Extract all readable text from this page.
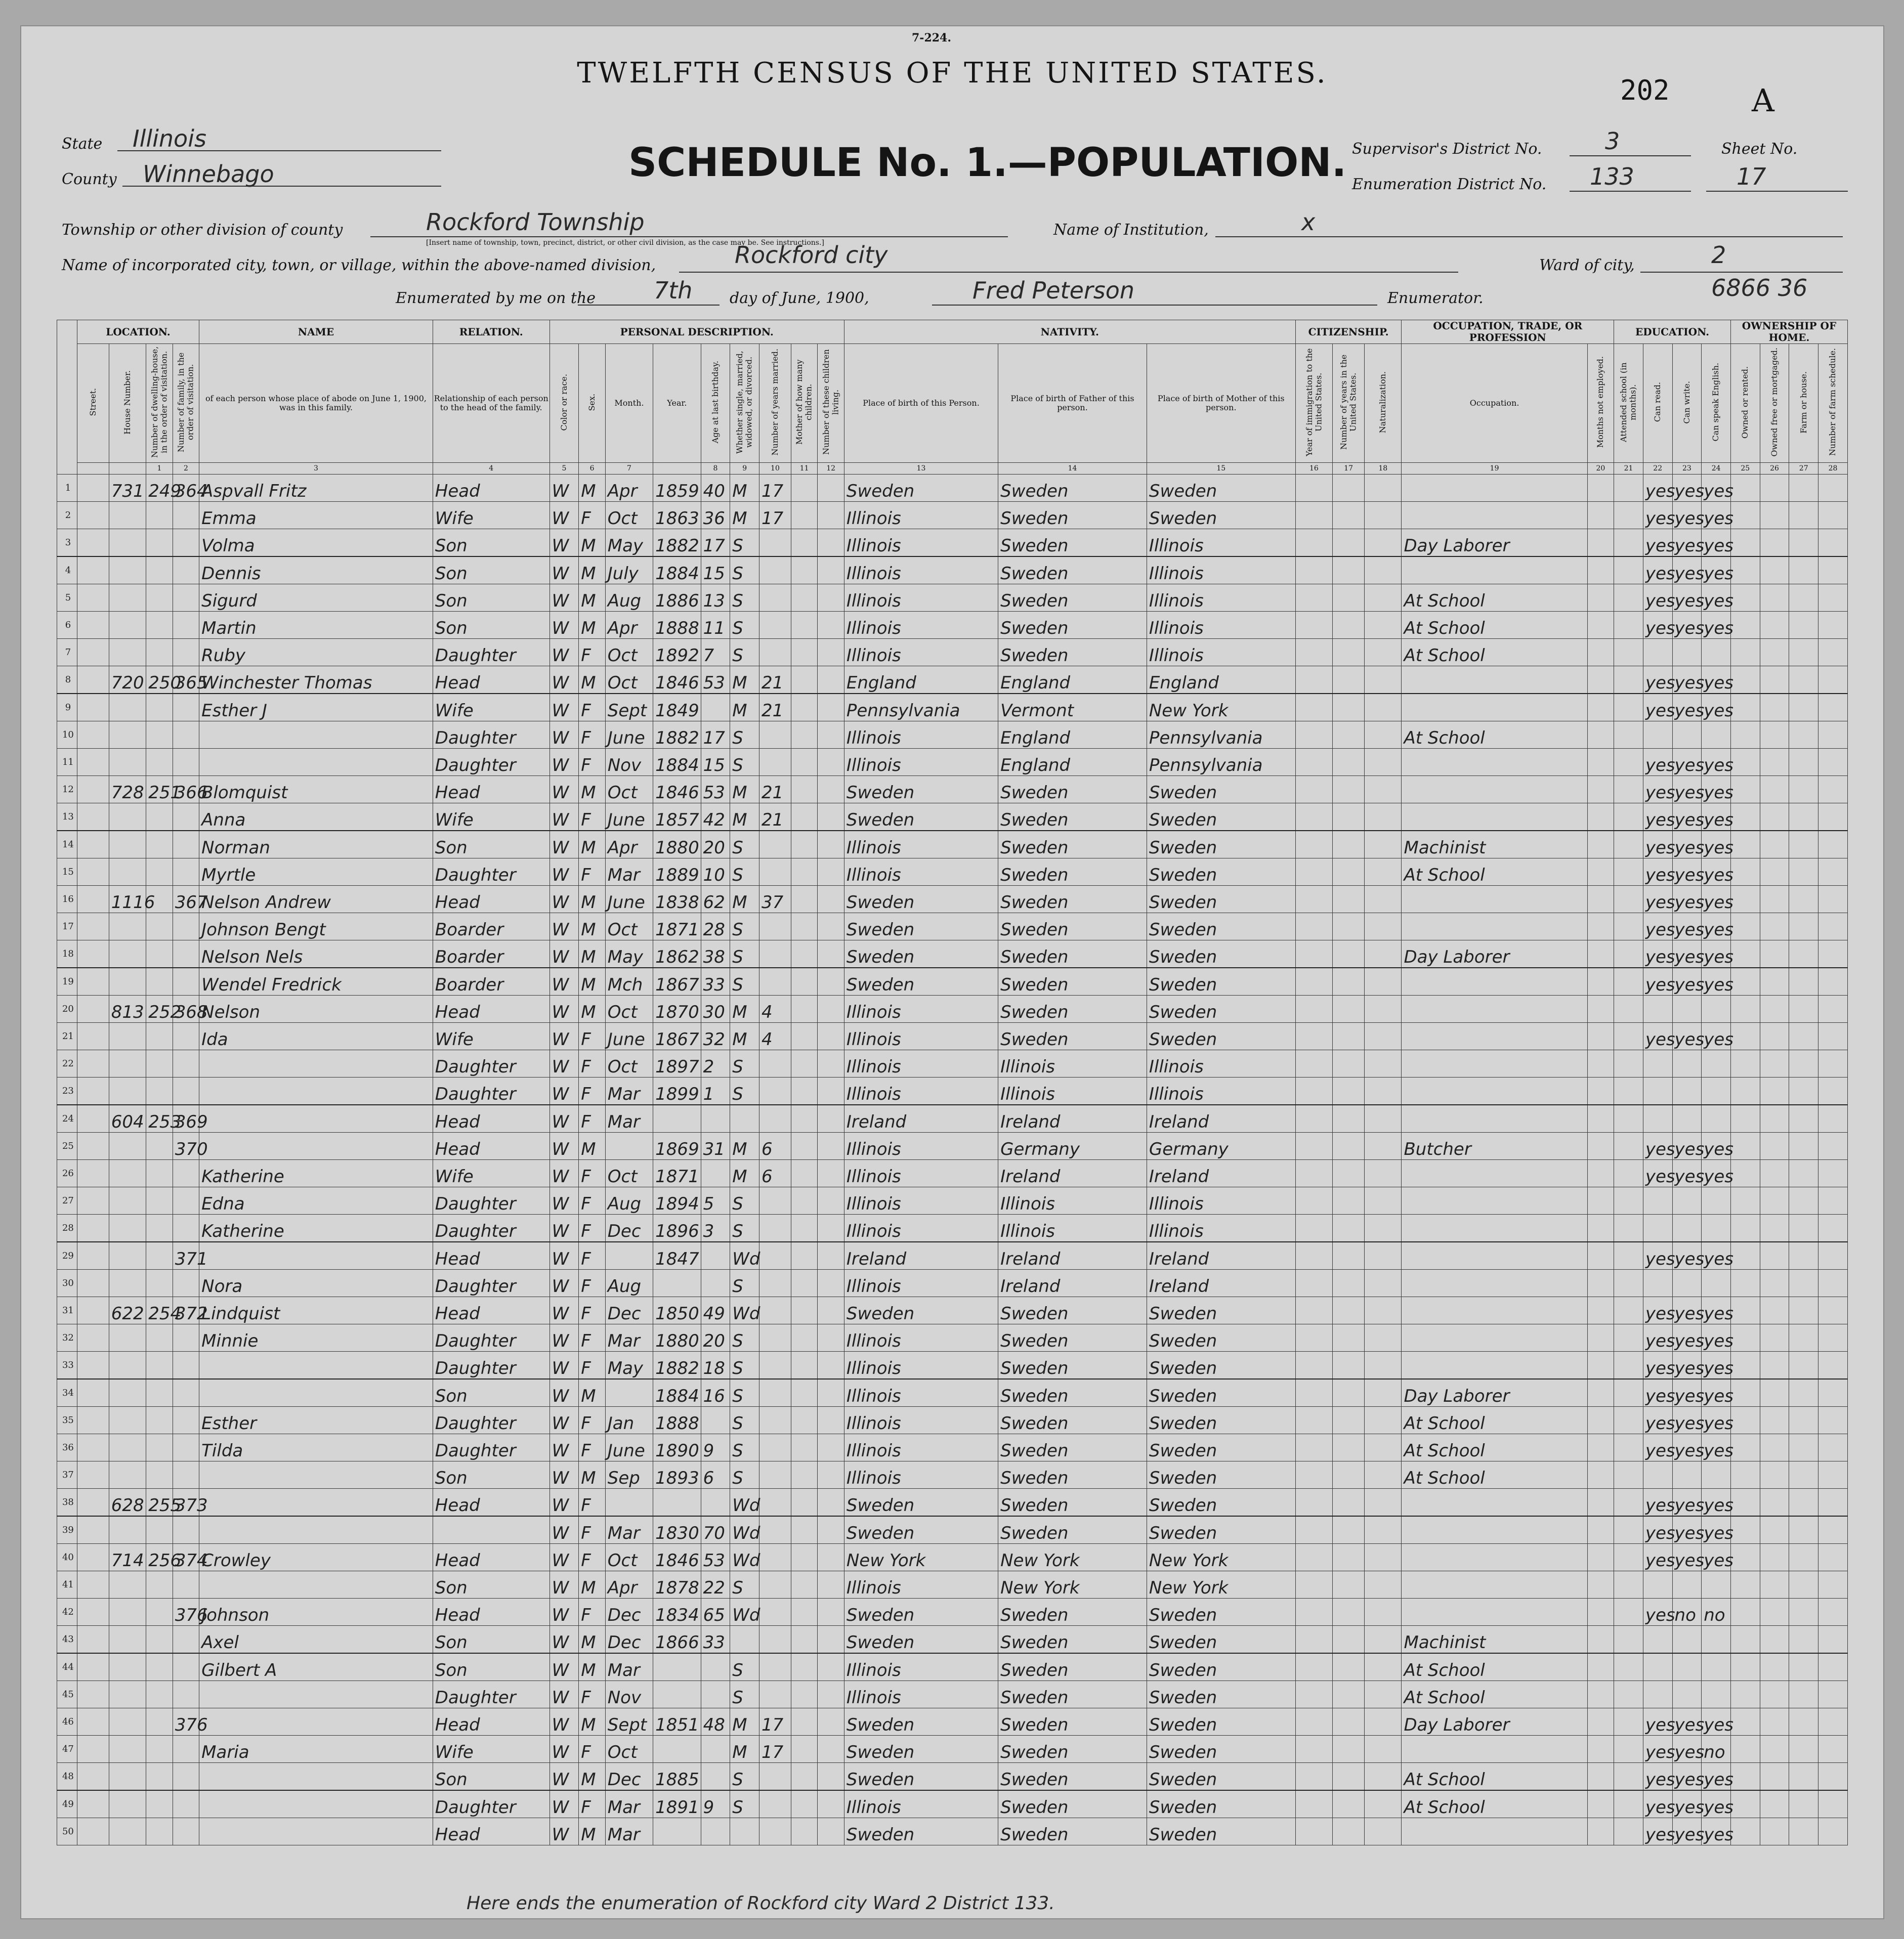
7-224.
TWELFTH CENSUS OF THE UNITED STATES.
202	A
SCHEDULE No. 1.—POPULATION.
State Illinois
County Winnebago
Supervisor's District No.	3	Sheet No.
Enumeration District No. 133	17
Township or other division of county	Rockford Township
[Insert name of township, town, precinct, district, or other civil division, as the case may be. See instructions.]
Name of Institution,	x
Name of incorporated city, town, or village, within the above-named division,	Rockford city	Ward of city,	2
Enumerated by me on the	7th day of June, 1900,	Fred Peterson	Enumerator.	6866 36
	LOCATION.				NAME	RELATION.	PERSONAL DESCRIPTION.									NATIVITY.			CITIZENSHIP.			OCCUPATION, TRADE, OR PROFESSION		EDUCATION.				OWNERSHIP OF HOME.			
	Street.	House Number.	Number of dwelling-house, in the order of visitation.	Number of family, in the order of visitation.	of each person whose place of abode on June 1, 1900, was in this family.	Relationship of each person to the head of the family.	Color or race.	Sex.	Month.	Year.	Age at last birthday.	Whether single, married, widowed, or divorced.	Number of years married.	Mother of how many children.	Number of these children living.	Place of birth of this Person.	Place of birth of Father of this person.	Place of birth of Mother of this person.	Year of immigration to the United States.	Number of years in the United States.	Naturalization.	Occupation.	Months not employed.	Attended school (in months).	Can read.	Can write.	Can speak English.	Owned or rented.	Owned free or mortgaged.	Farm or house.	Number of farm schedule.
			1	2	3	4	5	6	7		8	9	10	11	12	13	14	15	16	17	18	19	20	21	22	23	24	25	26	27	28
1		731	249	364	Aspvall Fritz	Head	W	M	Apr	1859	40	M	17			Sweden	Sweden	Sweden							yes	yes	yes				
2					Emma	Wife	W	F	Oct	1863	36	M	17			Illinois	Sweden	Sweden							yes	yes	yes				
3					Volma	Son	W	M	May	1882	17	S				Illinois	Sweden	Illinois				Day Laborer			yes	yes	yes				
4					Dennis	Son	W	M	July	1884	15	S				Illinois	Sweden	Illinois							yes	yes	yes				
5					Sigurd	Son	W	M	Aug	1886	13	S				Illinois	Sweden	Illinois				At School			yes	yes	yes				
6					Martin	Son	W	M	Apr	1888	11	S				Illinois	Sweden	Illinois				At School			yes	yes	yes				
7					Ruby	Daughter	W	F	Oct	1892	7	S				Illinois	Sweden	Illinois				At School									
8		720	250	365	Winchester Thomas	Head	W	M	Oct	1846	53	M	21			England	England	England							yes	yes	yes				
9					Esther J	Wife	W	F	Sept	1849		M	21			Pennsylvania	Vermont	New York							yes	yes	yes				
10						Daughter	W	F	June	1882	17	S				Illinois	England	Pennsylvania				At School									
11						Daughter	W	F	Nov	1884	15	S				Illinois	England	Pennsylvania							yes	yes	yes				
12		728	251	366	Blomquist	Head	W	M	Oct	1846	53	M	21			Sweden	Sweden	Sweden							yes	yes	yes				
13					Anna	Wife	W	F	June	1857	42	M	21			Sweden	Sweden	Sweden							yes	yes	yes				
14					Norman	Son	W	M	Apr	1880	20	S				Illinois	Sweden	Sweden				Machinist			yes	yes	yes				
15					Myrtle	Daughter	W	F	Mar	1889	10	S				Illinois	Sweden	Sweden				At School			yes	yes	yes				
16		1116		367	Nelson Andrew	Head	W	M	June	1838	62	M	37			Sweden	Sweden	Sweden							yes	yes	yes				
17					Johnson Bengt	Boarder	W	M	Oct	1871	28	S				Sweden	Sweden	Sweden							yes	yes	yes				
18					Nelson Nels	Boarder	W	M	May	1862	38	S				Sweden	Sweden	Sweden				Day Laborer			yes	yes	yes				
19					Wendel Fredrick	Boarder	W	M	Mch	1867	33	S				Sweden	Sweden	Sweden							yes	yes	yes				
20		813	252	368	Nelson	Head	W	M	Oct	1870	30	M	4			Illinois	Sweden	Sweden													
21					Ida	Wife	W	F	June	1867	32	M	4			Illinois	Sweden	Sweden							yes	yes	yes				
22						Daughter	W	F	Oct	1897	2	S				Illinois	Illinois	Illinois													
23						Daughter	W	F	Mar	1899	1	S				Illinois	Illinois	Illinois													
24		604	253	369		Head	W	F	Mar							Ireland	Ireland	Ireland													
25				370		Head	W	M		1869	31	M	6			Illinois	Germany	Germany				Butcher			yes	yes	yes				
26					Katherine	Wife	W	F	Oct	1871		M	6			Illinois	Ireland	Ireland							yes	yes	yes				
27					Edna	Daughter	W	F	Aug	1894	5	S				Illinois	Illinois	Illinois													
28					Katherine	Daughter	W	F	Dec	1896	3	S				Illinois	Illinois	Illinois													
29				371		Head	W	F		1847		Wd				Ireland	Ireland	Ireland							yes	yes	yes				
30					Nora	Daughter	W	F	Aug			S				Illinois	Ireland	Ireland													
31		622	254	372	Lindquist	Head	W	F	Dec	1850	49	Wd				Sweden	Sweden	Sweden							yes	yes	yes				
32					Minnie	Daughter	W	F	Mar	1880	20	S				Illinois	Sweden	Sweden							yes	yes	yes				
33						Daughter	W	F	May	1882	18	S				Illinois	Sweden	Sweden							yes	yes	yes				
34						Son	W	M		1884	16	S				Illinois	Sweden	Sweden				Day Laborer			yes	yes	yes				
35					Esther	Daughter	W	F	Jan	1888		S				Illinois	Sweden	Sweden				At School			yes	yes	yes				
36					Tilda	Daughter	W	F	June	1890	9	S				Illinois	Sweden	Sweden				At School			yes	yes	yes				
37						Son	W	M	Sep	1893	6	S				Illinois	Sweden	Sweden				At School									
38		628	255	373		Head	W	F				Wd				Sweden	Sweden	Sweden							yes	yes	yes				
39							W	F	Mar	1830	70	Wd				Sweden	Sweden	Sweden							yes	yes	yes				
40		714	256	374	Crowley	Head	W	F	Oct	1846	53	Wd				New York	New York	New York							yes	yes	yes				
41						Son	W	M	Apr	1878	22	S				Illinois	New York	New York													
42				376	Johnson	Head	W	F	Dec	1834	65	Wd				Sweden	Sweden	Sweden							yes	no	no				
43					Axel	Son	W	M	Dec	1866	33					Sweden	Sweden	Sweden				Machinist									
44					Gilbert A	Son	W	M	Mar			S				Illinois	Sweden	Sweden				At School									
45						Daughter	W	F	Nov			S				Illinois	Sweden	Sweden				At School									
46				376		Head	W	M	Sept	1851	48	M	17			Sweden	Sweden	Sweden				Day Laborer			yes	yes	yes				
47					Maria	Wife	W	F	Oct			M	17			Sweden	Sweden	Sweden							yes	yes	no				
48						Son	W	M	Dec	1885		S				Sweden	Sweden	Sweden				At School			yes	yes	yes				
49						Daughter	W	F	Mar	1891	9	S				Illinois	Sweden	Sweden				At School			yes	yes	yes				
50						Head	W	M	Mar							Sweden	Sweden	Sweden							yes	yes	yes				
Here ends the enumeration of Rockford city Ward 2 District 133.
